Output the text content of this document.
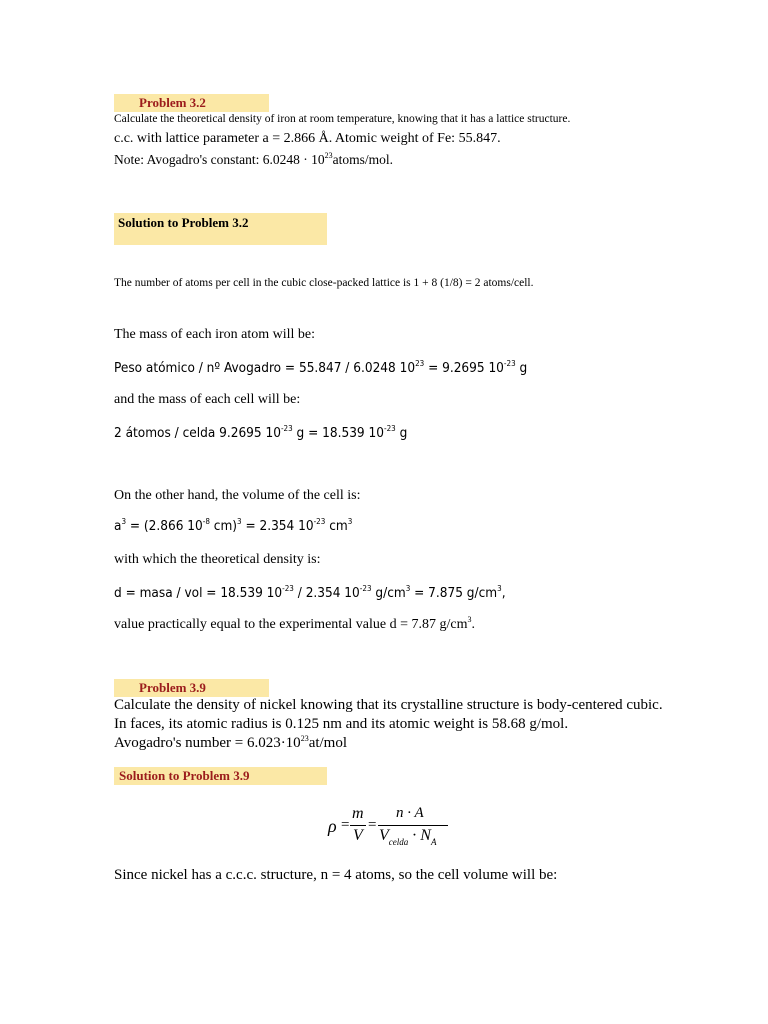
Problem 3.2
Calculate the theoretical density of iron at room temperature, knowing that it has a lattice structure.
c.c. with lattice parameter a = 2.866 Å. Atomic weight of Fe: 55.847.
Note: Avogadro's constant: $6.0248 \cdot 10^{23}atoms$/mol.
Solution to Problem 3.2
The number of atoms per cell in the cubic close-packed lattice is 1 + 8 (1/8) = 2 atoms/cell.
The mass of each iron atom will be:
Peso atómico / nº Avogadro = 55.847 / 6.0248 $10^{23} = 9.2695$ $10^{-23}$ g
and the mass of each cell will be:
2 átomos / celda 9.2695 $10^{-23}$ g = 18.539 $10^{-23}$ g
On the other hand, the volume of the cell is:
$a^3 = (2.866$ $10^{-8}$ cm)$^3$ = 2.354 $10^{-23}$ $cm^3$
with which the theoretical density is:
d = masa / vol = 18.539 $10^{-23} / 2.354$ $10^{-23}$ $g/cm^3 = 7.875$ $g/cm^3$,
value practically equal to the experimental value d = 7.87 $g/cm^3$.
Problem 3.9
Calculate the density of nickel knowing that its crystalline structure is body-centered cubic.
In faces, its atomic radius is 0.125 nm and its atomic weight is 58.68 g/mol.
Avogadro's number = $6.023\cdot 10^{23}at$/mol
Solution to Problem 3.9
ρ =
m
V
=
n · A
$V_{celda} \cdot N_A$
Since nickel has a c.c.c. structure, n = 4 atoms, so the cell volume will be:
